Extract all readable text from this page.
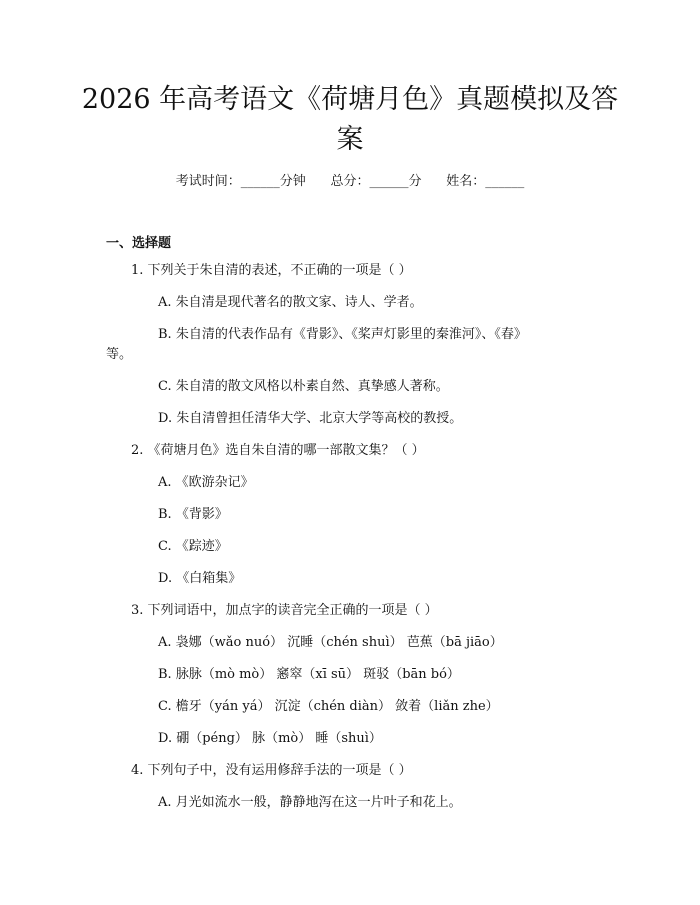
2026 年高考语文《荷塘月色》真题模拟及答
案
考试时间：______分钟      总分：______分      姓名：______
一、选择题
1. 下列关于朱自清的表述，不正确的一项是（ ）
A. 朱自清是现代著名的散文家、诗人、学者。
B. 朱自清的代表作品有《背影》、《桨声灯影里的秦淮河》、《春》
等。
C. 朱自清的散文风格以朴素自然、真挚感人著称。
D. 朱自清曾担任清华大学、北京大学等高校的教授。
2. 《荷塘月色》选自朱自清的哪一部散文集？（ ）
A. 《欧游杂记》
B. 《背影》
C. 《踪迹》
D. 《白箱集》
3. 下列词语中，加点字的读音完全正确的一项是（ ）
A. 袅娜（wǎo nuó） 沉睡（chén shuì） 芭蕉（bā jiāo）
B. 脉脉（mò mò） 窸窣（xī sū） 斑驳（bān bó）
C. 檐牙（yán yá） 沉淀（chén diàn） 敛着（liǎn zhe）
D. 硼（péng） 脉（mò） 睡（shuì）
4. 下列句子中，没有运用修辞手法的一项是（ ）
A. 月光如流水一般，静静地泻在这一片叶子和花上。
